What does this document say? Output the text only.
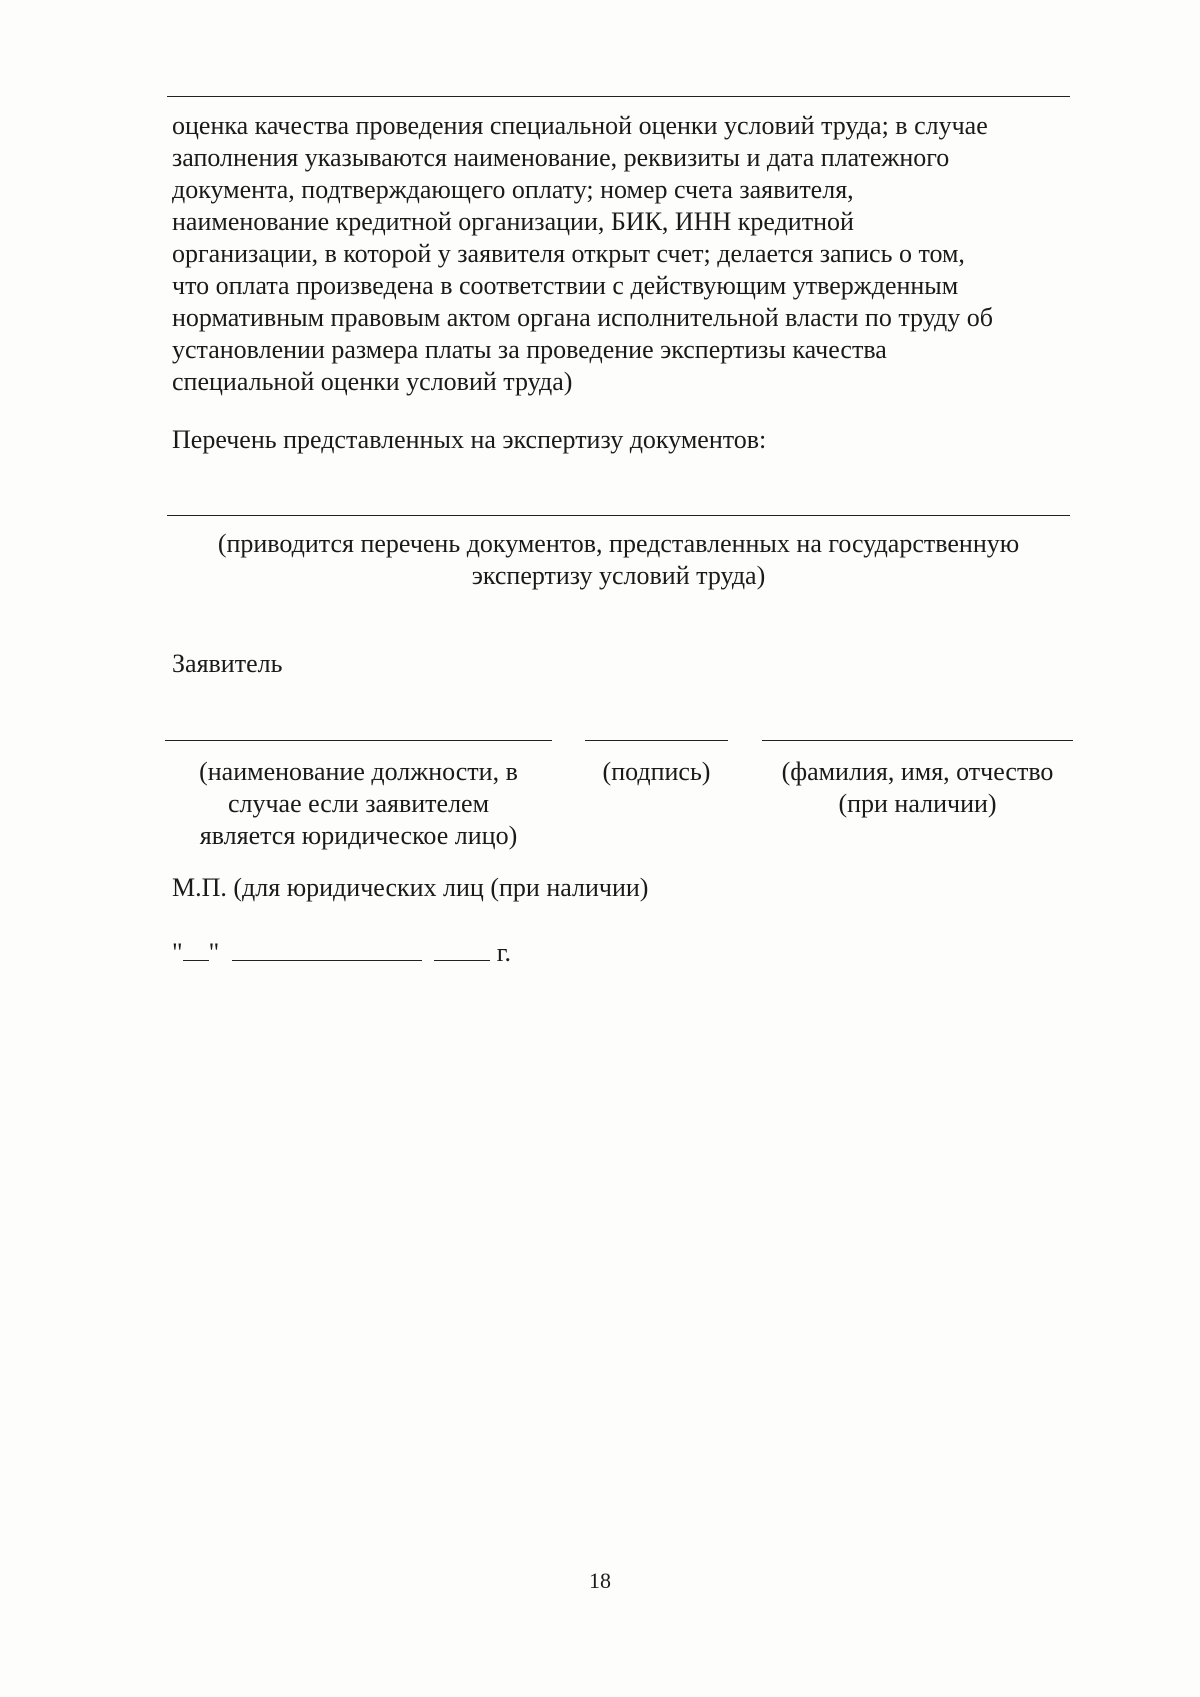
оценка качества проведения специальной оценки условий труда; в случае
заполнения указываются наименование, реквизиты и дата платежного
документа, подтверждающего оплату; номер счета заявителя,
наименование кредитной организации, БИК, ИНН кредитной
организации, в которой у заявителя открыт счет; делается запись о том,
что оплата произведена в соответствии с действующим утвержденным
нормативным правовым актом органа исполнительной власти по труду об
установлении размера платы за проведение экспертизы качества
специальной оценки условий труда)
Перечень представленных на экспертизу документов:
(приводится перечень документов, представленных на государственную
экспертизу условий труда)
Заявитель
(наименование должности, в
случае если заявителем
является юридическое лицо)
(подпись)	(фамилия, имя, отчество
(при наличии)
М.П. (для юридических лиц (при наличии)
" "	г.
18
